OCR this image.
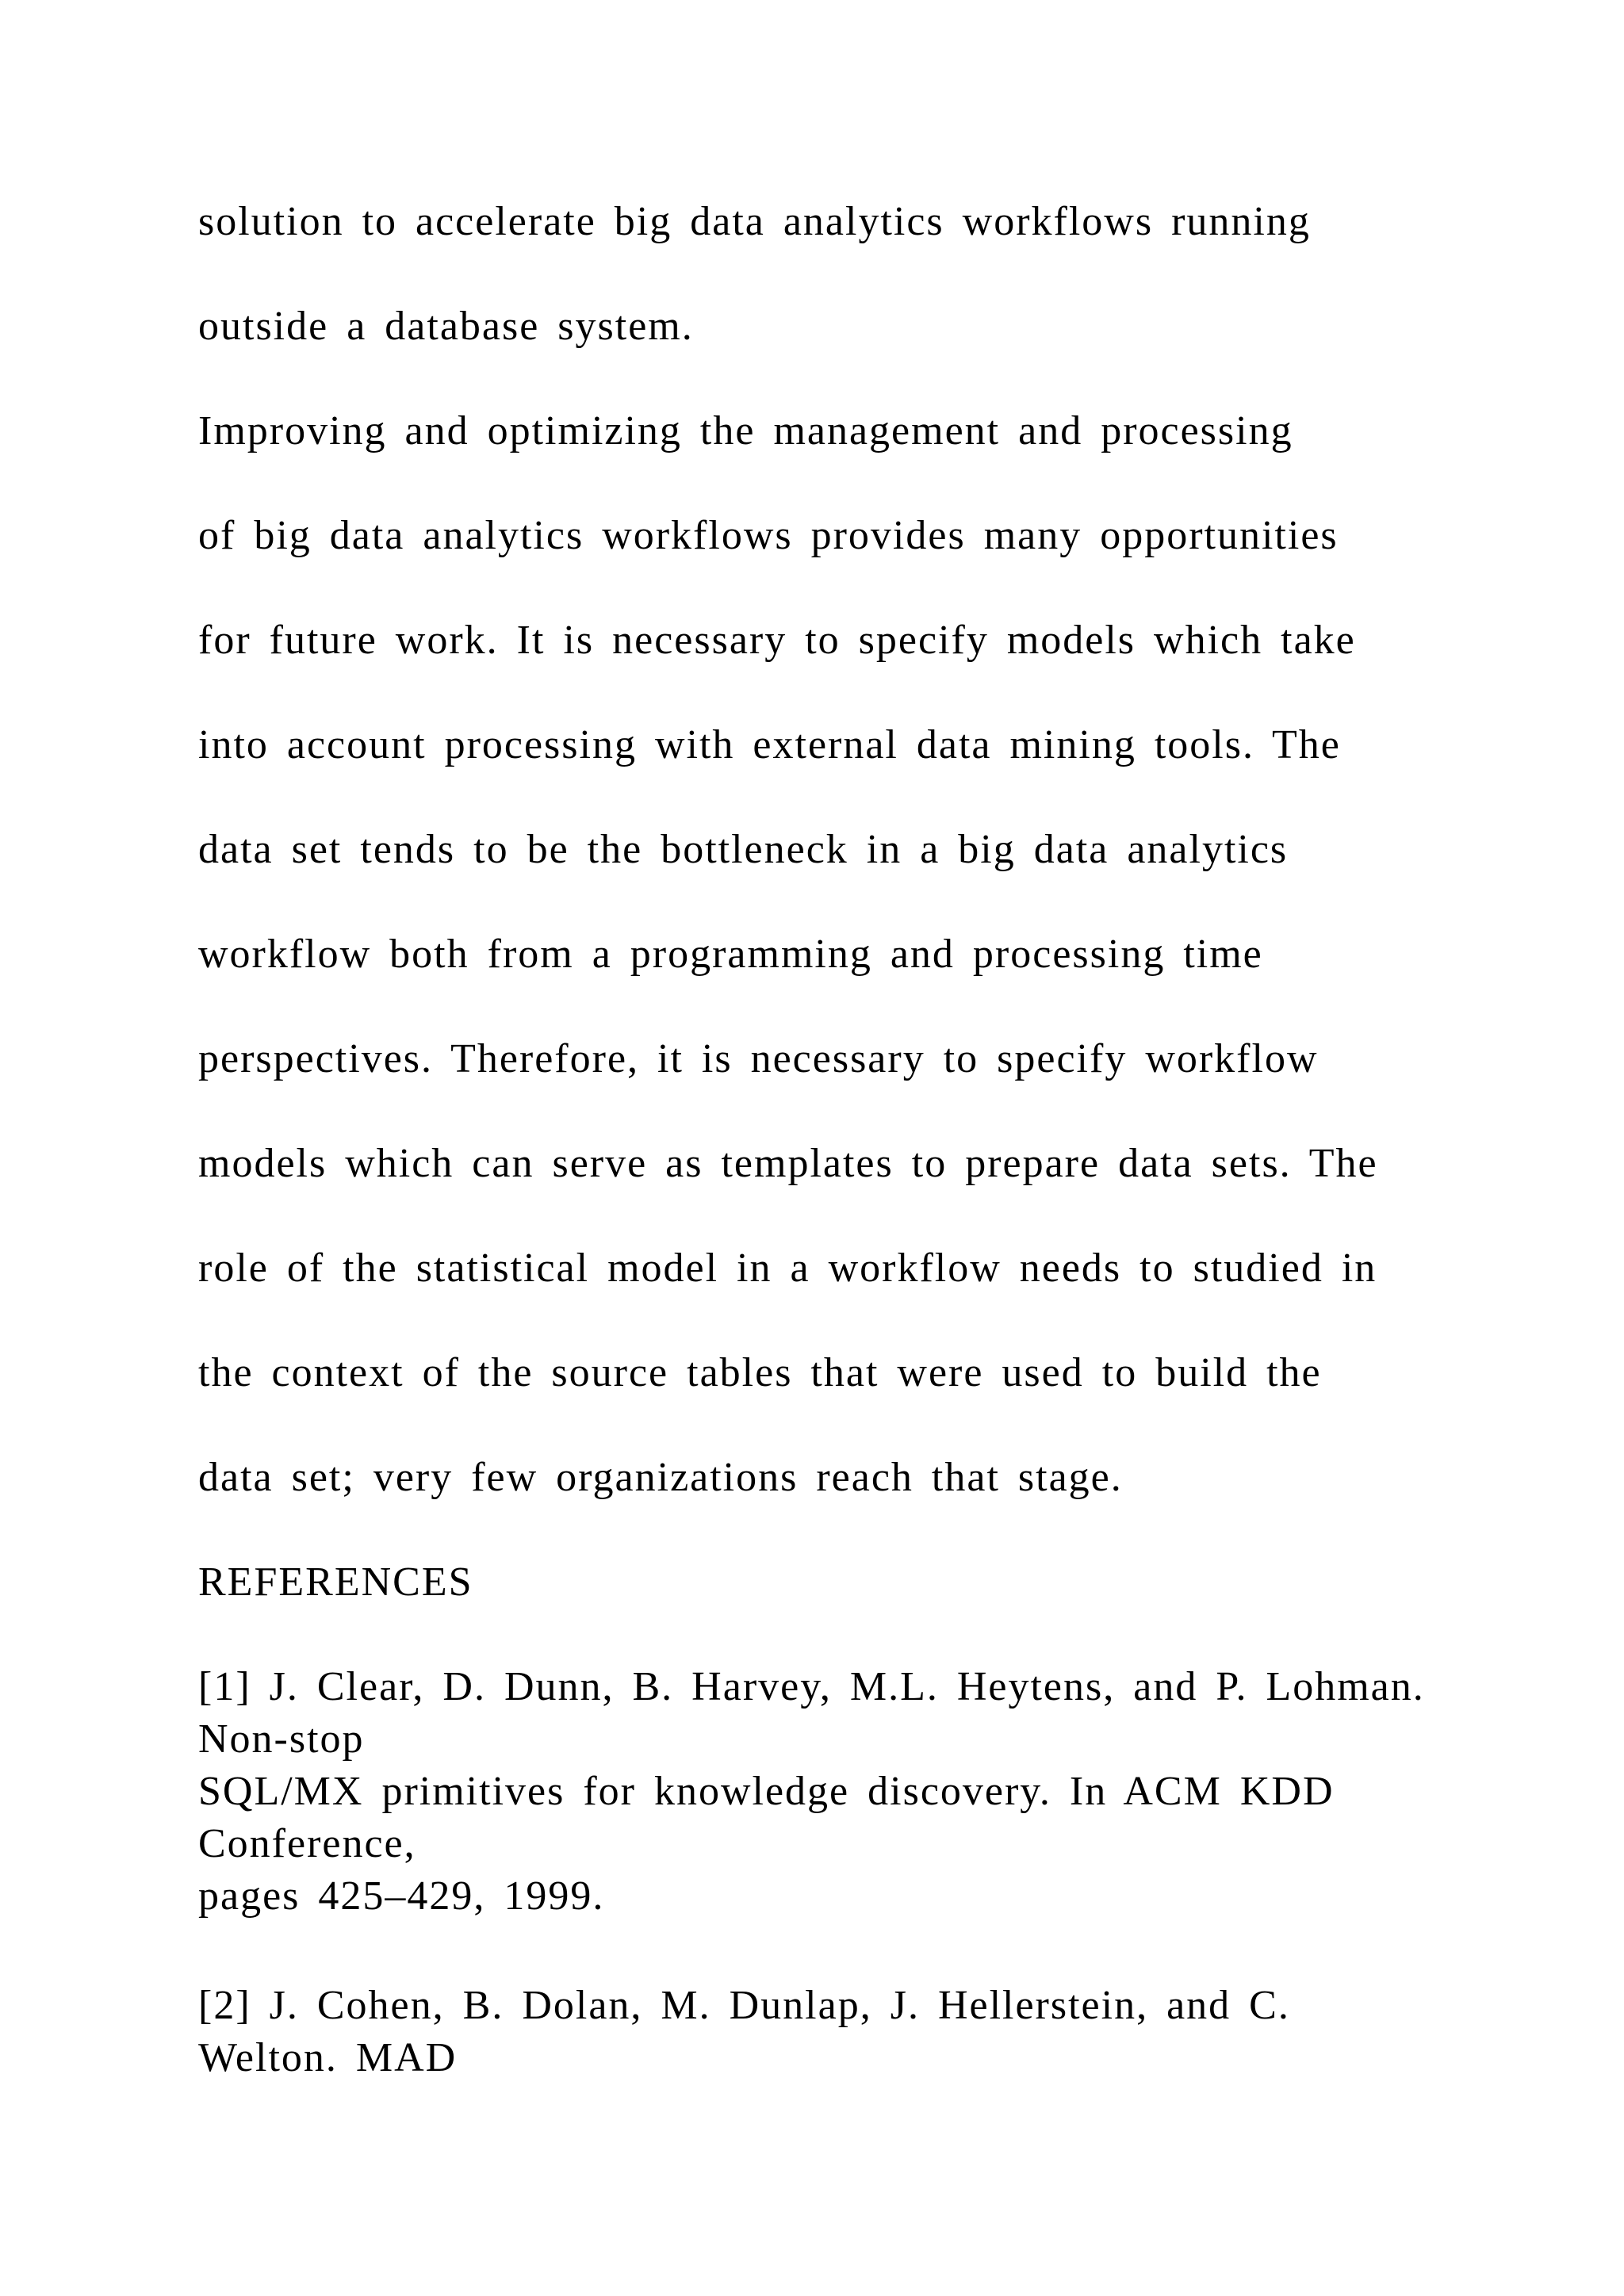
solution to accelerate big data analytics workflows running
outside a database system.
Improving and optimizing the management and processing
of big data analytics workflows provides many opportunities
for future work. It is necessary to specify models which take
into account processing with external data mining tools. The
data set tends to be the bottleneck in a big data analytics
workflow both from a programming and processing time
perspectives. Therefore, it is necessary to specify workflow
models which can serve as templates to prepare data sets. The
role of the statistical model in a workflow needs to studied in
the context of the source tables that were used to build the
data set; very few organizations reach that stage.
REFERENCES
[1] J. Clear, D. Dunn, B. Harvey, M.L. Heytens, and P. Lohman.
Non-stop
SQL/MX primitives for knowledge discovery. In ACM KDD
Conference,
pages 425–429, 1999.
[2] J. Cohen, B. Dolan, M. Dunlap, J. Hellerstein, and C.
Welton. MAD
